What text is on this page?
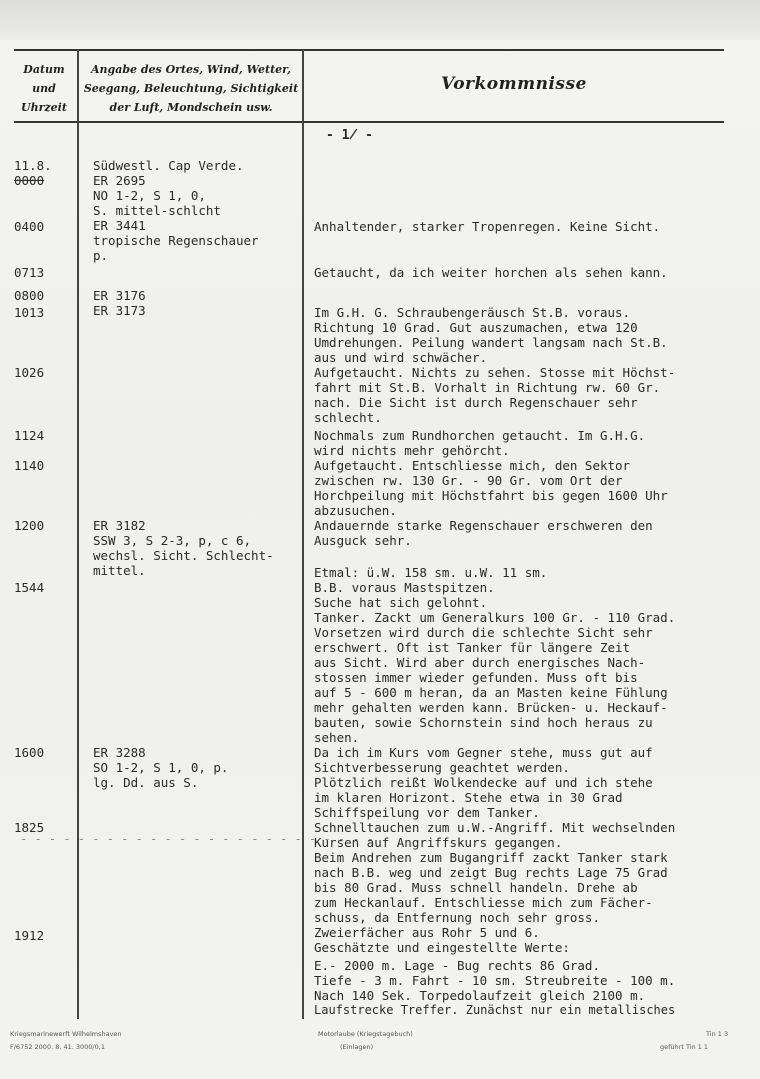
Datum
und
Uhrzeit
Angabe des Ortes, Wind, Wetter,
Seegang, Beleuchtung, Sichtigkeit
der Luft, Mondschein usw.
Vorkommnisse
- 1̸ -
11.8.
0000
0400
0713
0800
1013
1026
1124
1140
1200
1544
1600
1825
1912
- - - - - - - - - - - - - - - - - - - - - - - - -
Südwestl. Cap Verde.
ER 2695
NO 1-2, S 1, 0,
S. mittel-schlcht
ER 3441
tropische Regenschauer
p.
ER 3176
ER 3173
ER 3182
SSW 3, S 2-3, p, c 6,
wechsl. Sicht. Schlecht-
mittel.
ER 3288
SO 1-2, S 1, 0, p.
lg. Dd. aus S.
Anhaltender, starker Tropenregen. Keine Sicht.
Getaucht, da ich weiter horchen als sehen kann.
Im G.H. G. Schraubengeräusch St.B. voraus.
Richtung 10 Grad. Gut auszumachen, etwa 120
Umdrehungen. Peilung wandert langsam nach St.B.
aus und wird schwächer.
Aufgetaucht. Nichts zu sehen. Stosse mit Höchst-
fahrt mit St.B. Vorhalt in Richtung rw. 60 Gr.
nach. Die Sicht ist durch Regenschauer sehr
schlecht.
Nochmals zum Rundhorchen getaucht. Im G.H.G.
wird nichts mehr gehörcht.
Aufgetaucht. Entschliesse mich, den Sektor
zwischen rw. 130 Gr. - 90 Gr. vom Ort der
Horchpeilung mit Höchstfahrt bis gegen 1600 Uhr
abzusuchen.
Andauernde starke Regenschauer erschweren den
Ausguck sehr.
Etmal: ü.W. 158 sm. u.W. 11 sm.
B.B. voraus Mastspitzen.
Suche hat sich gelohnt.
Tanker. Zackt um Generalkurs 100 Gr. - 110 Grad.
Vorsetzen wird durch die schlechte Sicht sehr
erschwert. Oft ist Tanker für längere Zeit
aus Sicht. Wird aber durch energisches Nach-
stossen immer wieder gefunden. Muss oft bis
auf 5 - 600 m heran, da an Masten keine Fühlung
mehr gehalten werden kann. Brücken- u. Heckauf-
bauten, sowie Schornstein sind hoch heraus zu
sehen.
Da ich im Kurs vom Gegner stehe, muss gut auf
Sichtverbesserung geachtet werden.
Plötzlich reißt Wolkendecke auf und ich stehe
im klaren Horizont. Stehe etwa in 30 Grad
Schiffspeilung vor dem Tanker.
Schnelltauchen zum u.W.-Angriff. Mit wechselnden
Kursen auf Angriffskurs gegangen.
Beim Andrehen zum Bugangriff zackt Tanker stark
nach B.B. weg und zeigt Bug rechts Lage 75 Grad
bis 80 Grad. Muss schnell handeln. Drehe ab
zum Heckanlauf. Entschliesse mich zum Fächer-
schuss, da Entfernung noch sehr gross.
Zweierfächer aus Rohr 5 und 6.
Geschätzte und eingestellte Werte:
E.- 2000 m. Lage - Bug rechts 86 Grad.
Tiefe - 3 m. Fahrt - 10 sm. Streubreite - 100 m.
Nach 140 Sek. Torpedolaufzeit gleich 2100 m.
Laufstrecke Treffer. Zunächst nur ein metallisches
Kriegsmarinewerft Wilhelmshaven
F/6752 2000. 8. 41. 3000/0,1
Motorlaube (Kriegstagebuch)
(Einlagen)
Tin 1 3
geführt Tin 1 1
